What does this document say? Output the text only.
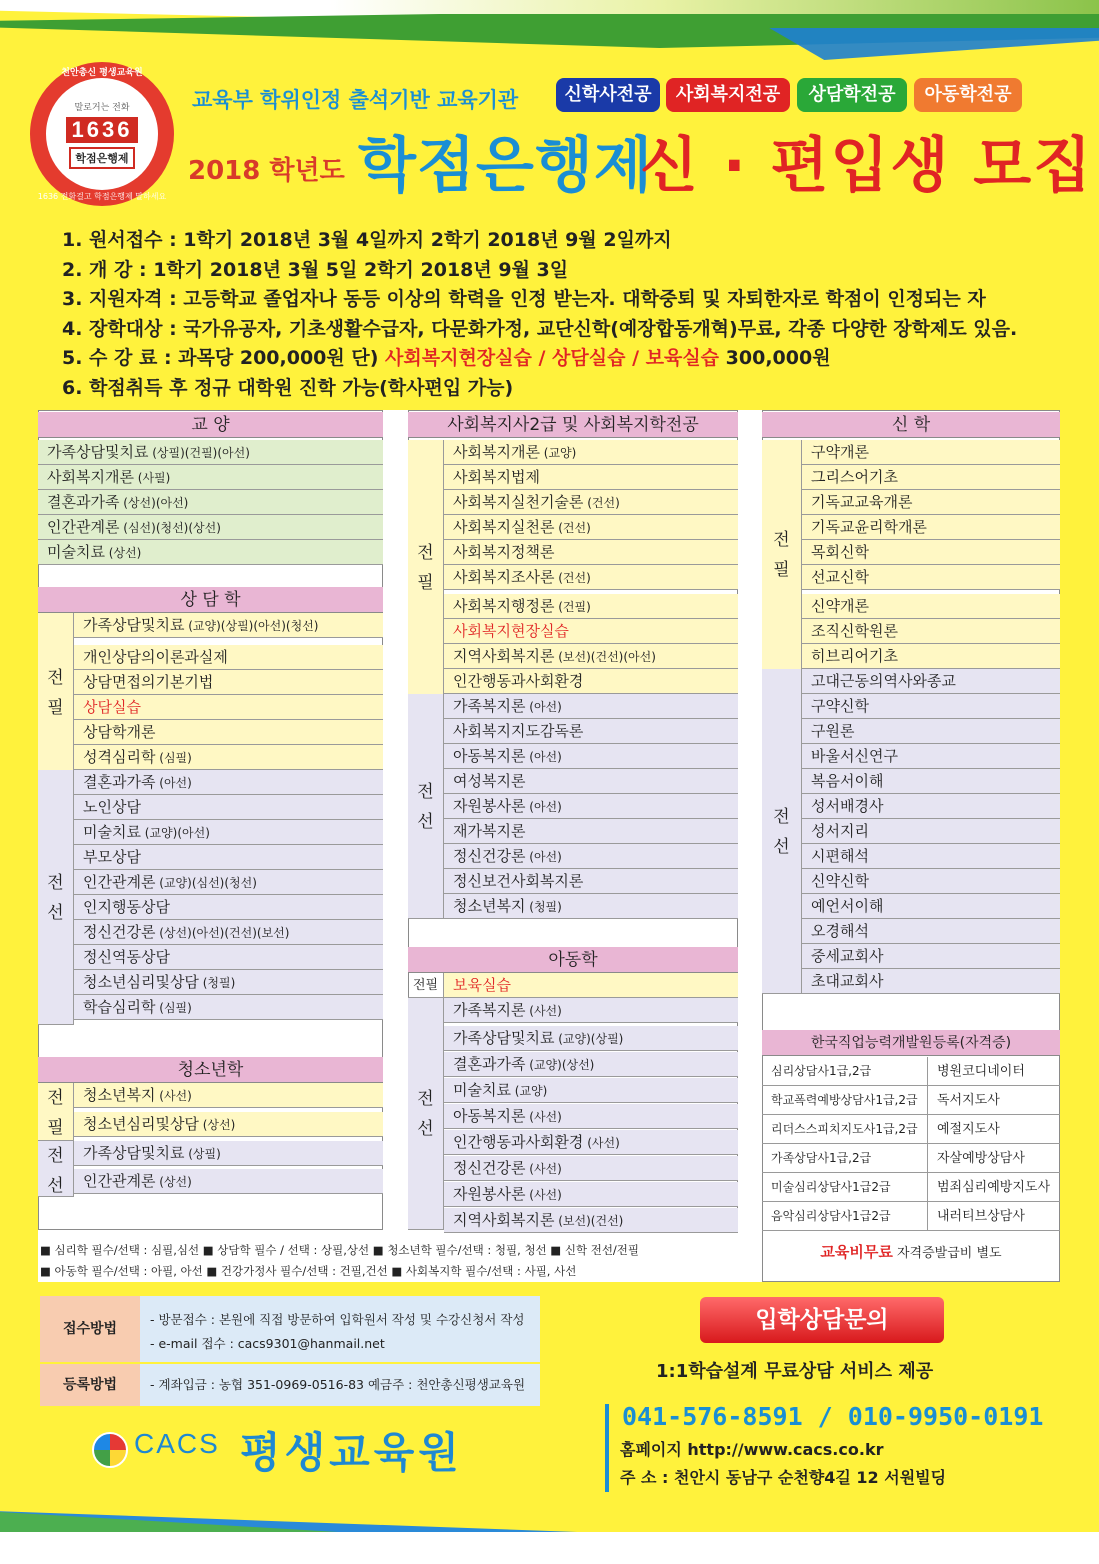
천안총신 평생교육원
말로거는 전화
1636
학점은행제
1636 전화걸고 학점은행제 말하세요
교육부 학위인정 출석기반 교육기관	신학사전공	사회복지전공	상담학전공	아동학전공
2018 학년도 학점은행제
신 · 편입생 모집
1. 원서접수 : 1학기 2018년 3월 4일까지 2학기 2018년 9월 2일까지
2. 개 강 : 1학기 2018년 3월 5일 2학기 2018년 9월 3일
3. 지원자격 : 고등학교 졸업자나 동등 이상의 학력을 인정 받는자. 대학중퇴 및 자퇴한자로 학점이 인정되는 자
4. 장학대상 : 국가유공자, 기초생활수급자, 다문화가정, 교단신학(예장합동개혁)무료, 각종 다양한 장학제도 있음.
5. 수 강 료 : 과목당 200,000원 단) 사회복지현장실습 / 상담실습 / 보육실습 300,000원
6. 학점취득 후 정규 대학원 진학 가능(학사편입 가능)
■ 심리학 필수/선택 : 심필,심선 ■ 상담학 필수 / 선택 : 상필,상선 ■ 청소년학 필수/선택 : 청필, 청선 ■ 신학 전선/전필
■ 아동학 필수/선택 : 아필, 아선 ■ 건강가정사 필수/선택 : 건필,건선 ■ 사회복지학 필수/선택 : 사필, 사선
접수방법
- 방문접수 : 본원에 직접 방문하여 입학원서 작성 및 수강신청서 작성
- e-mail 접수 : cacs9301@hanmail.net
등록방법	- 계좌입금 : 농협 351-0969-0516-83 예금주 : 천안총신평생교육원
입학상담문의
1:1학습설계 무료상담 서비스 제공
041-576-8591 / 010-9950-0191
홈페이지 http://www.cacs.co.kr
주 소 : 천안시 동남구 순천향4길 12 서원빌딩
CACS 평생교육원
교 양
가족상담및치료 (상필)(건필)(아선)
사회복지개론 (사필)
결혼과가족 (상선)(아선)
인간관계론 (심선)(청선)(상선)
미술치료 (상선)
상 담 학
전
필
가족상담및치료 (교양)(상필)(아선)(청선)
개인상담의이론과실제
상담면접의기본기법
상담실습
상담학개론
성격심리학 (심필)
전
선
결혼과가족 (아선)
노인상담
미술치료 (교양)(아선)
부모상담
인간관계론 (교양)(심선)(청선)
인지행동상담
정신건강론 (상선)(아선)(건선)(보선)
정신역동상담
청소년심리및상담 (청필)
학습심리학 (심필)
청소년학
전
필
청소년복지 (사선)
청소년심리및상담 (상선)
전
선
가족상담및치료 (상필)
인간관계론 (상선)
사회복지사2급 및 사회복지학전공
전
필
사회복지개론 (교양)
사회복지법제
사회복지실천기술론 (건선)
사회복지실천론 (건선)
사회복지정책론
사회복지조사론 (건선)
사회복지행정론 (건필)
사회복지현장실습
지역사회복지론 (보선)(건선)(아선)
인간행동과사회환경
전
선
가족복지론 (아선)
사회복지지도감독론
아동복지론 (아선)
여성복지론
자원봉사론 (아선)
재가복지론
정신건강론 (아선)
정신보건사회복지론
청소년복지 (청필)
아동학
전필 보육실습
전
선
가족복지론 (사선)
가족상담및치료 (교양)(상필)
결혼과가족 (교양)(상선)
미술치료 (교양)
아동복지론 (사선)
인간행동과사회환경 (사선)
정신건강론 (사선)
자원봉사론 (사선)
지역사회복지론 (보선)(건선)
신 학
전
필
구약개론
그리스어기초
기독교교육개론
기독교윤리학개론
목회신학
선교신학
신약개론
조직신학원론
히브리어기초
전
선
고대근동의역사와종교
구약신학
구원론
바울서신연구
복음서이해
성서배경사
성서지리
시편해석
신약신학
예언서이해
오경해석
중세교회사
초대교회사
한국직업능력개발원등록(자격증)
심리상담사1급,2급	병원코디네이터
학교폭력예방상담사1급,2급	독서지도사
리더스스피치지도사1급,2급	예절지도사
가족상담사1급,2급	자살예방상담사
미술심리상담사1급2급	범죄심리예방지도사
음악심리상담사1급2급	내러티브상담사
교육비무료 자격증발급비 별도
